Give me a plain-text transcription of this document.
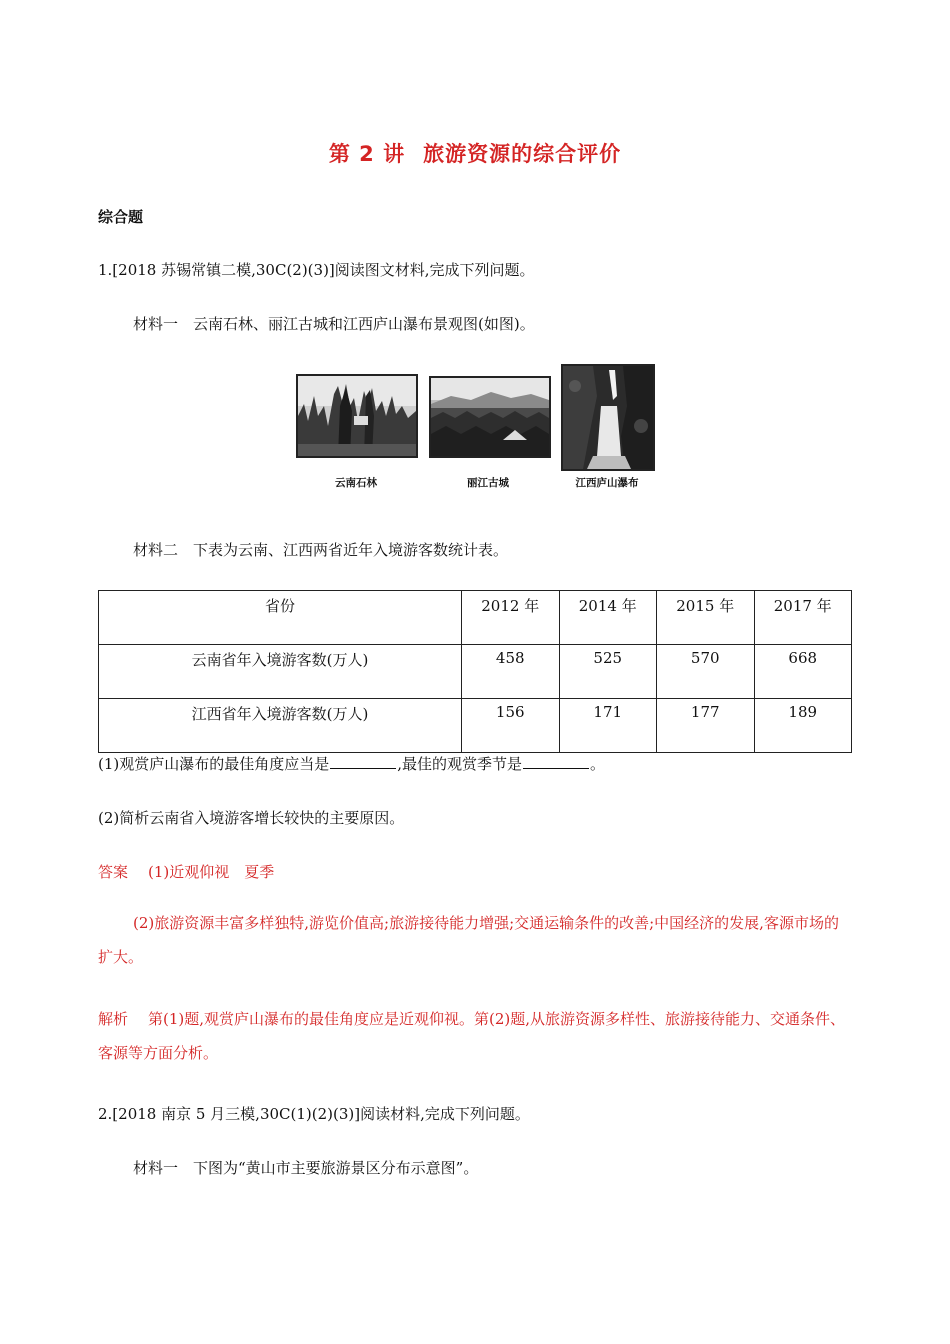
第 2 讲 旅游资源的综合评价
综合题
1.[2018 苏锡常镇二模,30C(2)(3)]阅读图文材料,完成下列问题。
材料一　云南石林、丽江古城和江西庐山瀑布景观图(如图)。
云南石林	丽江古城	江西庐山瀑布
材料二　下表为云南、江西两省近年入境游客数统计表。
省份	2012 年	2014 年	2015 年	2017 年
云南省年入境游客数(万人)	458	525	570	668
江西省年入境游客数(万人)	156	171	177	189
(1)观赏庐山瀑布的最佳角度应当是	,最佳的观赏季节是	。
(2)简析云南省入境游客增长较快的主要原因。
答案 (1)近观仰视　夏季
(2)旅游资源丰富多样独特,游览价值高;旅游接待能力增强;交通运输条件的改善;中国经济的发展,客源市场的扩大。
解析 第(1)题,观赏庐山瀑布的最佳角度应是近观仰视。第(2)题,从旅游资源多样性、旅游接待能力、交通条件、客源等方面分析。
2.[2018 南京 5 月三模,30C(1)(2)(3)]阅读材料,完成下列问题。
材料一　下图为“黄山市主要旅游景区分布示意图”。
